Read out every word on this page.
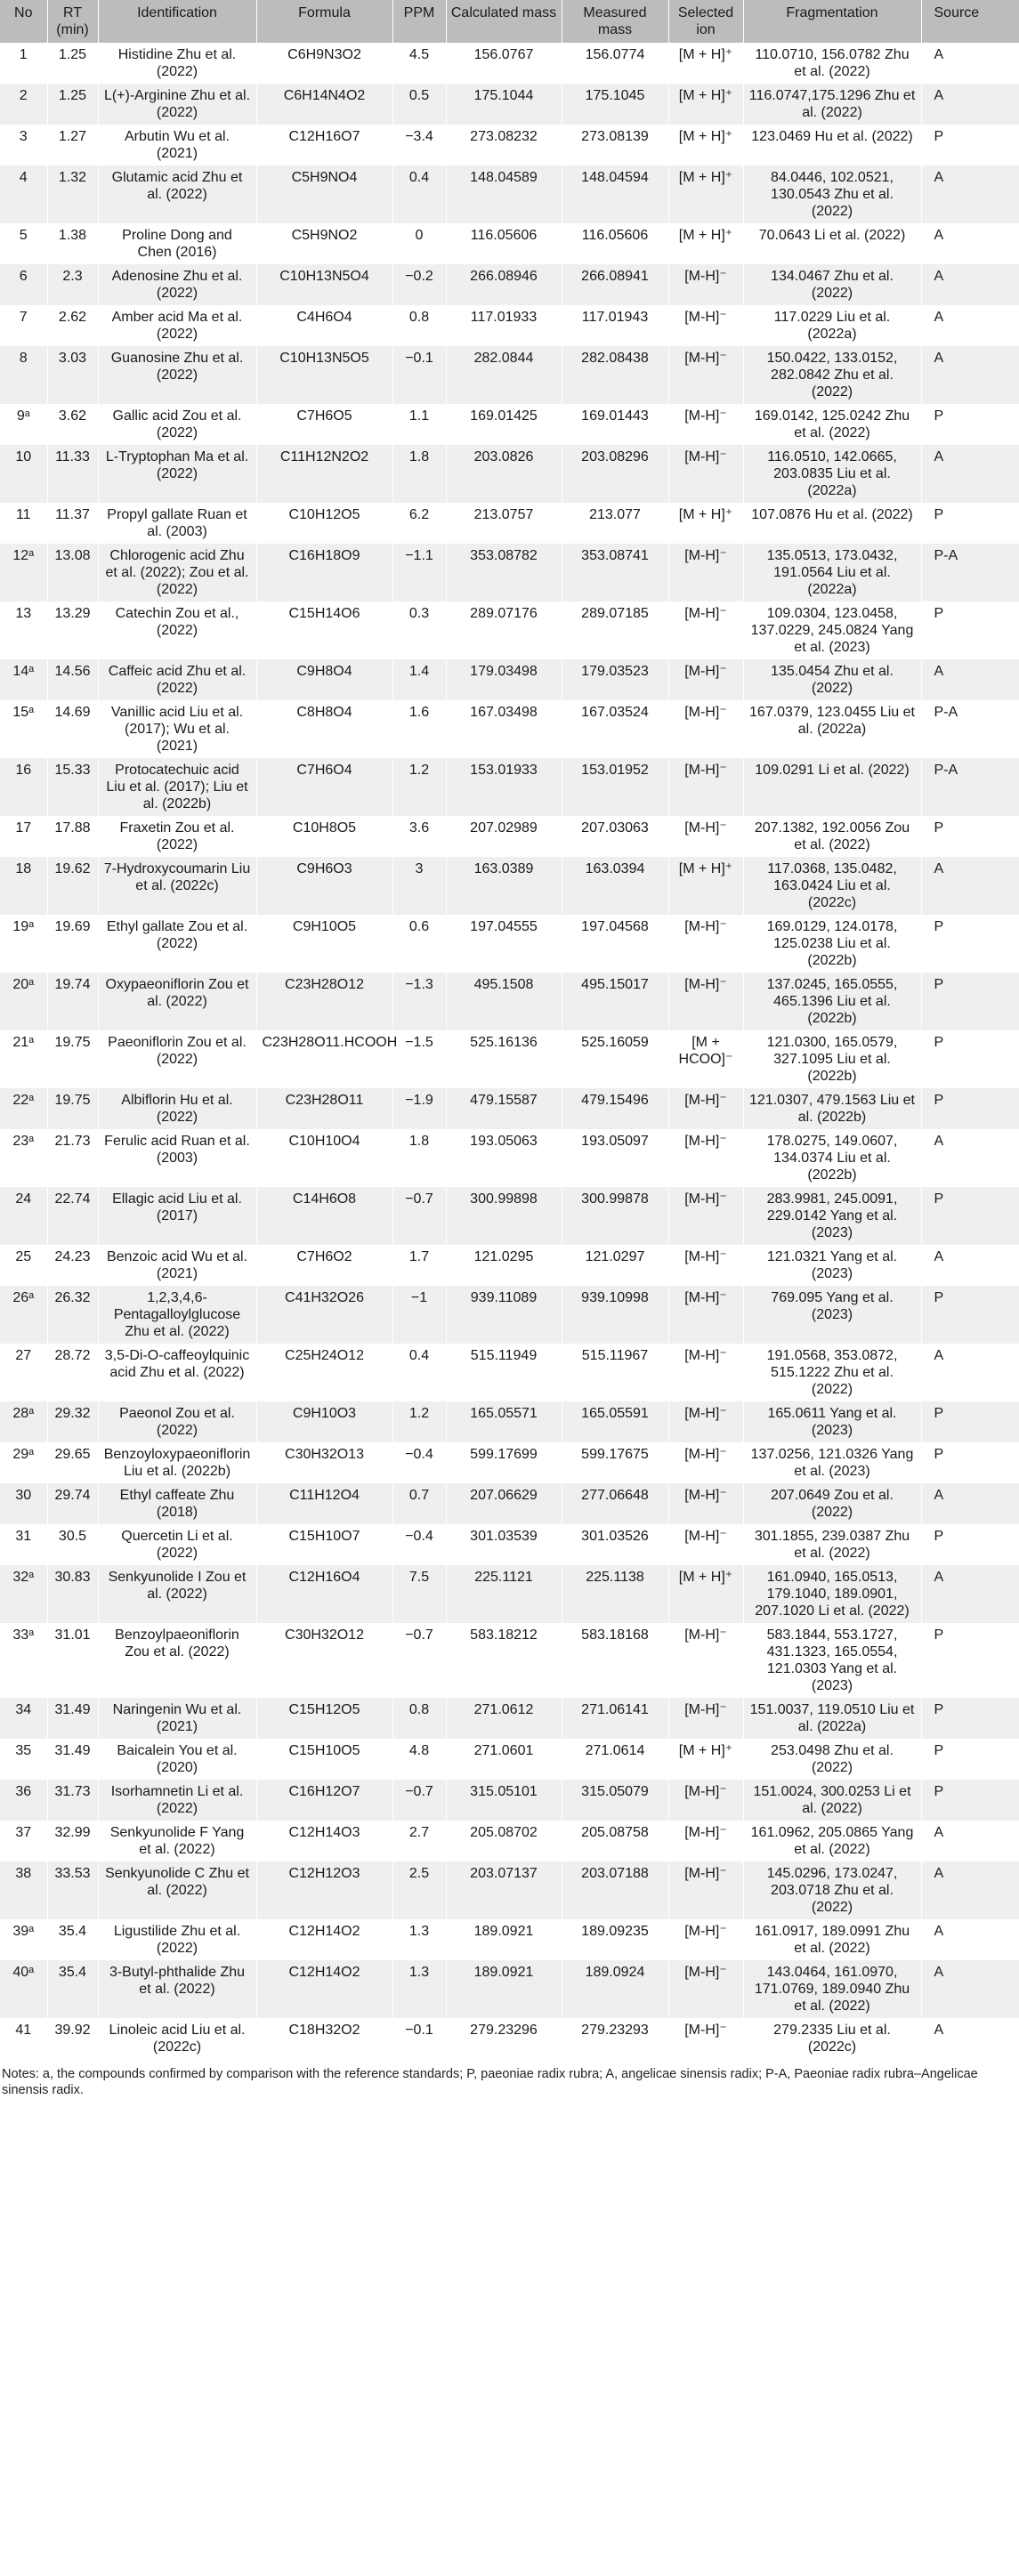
No	RT (min)	Identification	Formula	PPM	Calculated mass	Measured mass	Selected ion	Fragmentation	Source
1	1.25	Histidine Zhu et al. (2022)	C6H9N3O2	4.5	156.0767	156.0774	[M + H]⁺	110.0710, 156.0782 Zhu et al. (2022)	A
2	1.25	L(+)-Arginine Zhu et al. (2022)	C6H14N4O2	0.5	175.1044	175.1045	[M + H]⁺	116.0747,175.1296 Zhu et al. (2022)	A
3	1.27	Arbutin Wu et al. (2021)	C12H16O7	−3.4	273.08232	273.08139	[M + H]⁺	123.0469 Hu et al. (2022)	P
4	1.32	Glutamic acid Zhu et al. (2022)	C5H9NO4	0.4	148.04589	148.04594	[M + H]⁺	84.0446, 102.0521, 130.0543 Zhu et al. (2022)	A
5	1.38	Proline Dong and Chen (2016)	C5H9NO2	0	116.05606	116.05606	[M + H]⁺	70.0643 Li et al. (2022)	A
6	2.3	Adenosine Zhu et al. (2022)	C10H13N5O4	−0.2	266.08946	266.08941	[M-H]⁻	134.0467 Zhu et al. (2022)	A
7	2.62	Amber acid Ma et al. (2022)	C4H6O4	0.8	117.01933	117.01943	[M-H]⁻	117.0229 Liu et al. (2022a)	A
8	3.03	Guanosine Zhu et al. (2022)	C10H13N5O5	−0.1	282.0844	282.08438	[M-H]⁻	150.0422, 133.0152, 282.0842 Zhu et al. (2022)	A
9ᵃ	3.62	Gallic acid Zou et al. (2022)	C7H6O5	1.1	169.01425	169.01443	[M-H]⁻	169.0142, 125.0242 Zhu et al. (2022)	P
10	11.33	L-Tryptophan Ma et al. (2022)	C11H12N2O2	1.8	203.0826	203.08296	[M-H]⁻	116.0510, 142.0665, 203.0835 Liu et al. (2022a)	A
11	11.37	Propyl gallate Ruan et al. (2003)	C10H12O5	6.2	213.0757	213.077	[M + H]⁺	107.0876 Hu et al. (2022)	P
12ᵃ	13.08	Chlorogenic acid Zhu et al. (2022); Zou et al. (2022)	C16H18O9	−1.1	353.08782	353.08741	[M-H]⁻	135.0513, 173.0432, 191.0564 Liu et al. (2022a)	P-A
13	13.29	Catechin Zou et al., (2022)	C15H14O6	0.3	289.07176	289.07185	[M-H]⁻	109.0304, 123.0458, 137.0229, 245.0824 Yang et al. (2023)	P
14ᵃ	14.56	Caffeic acid Zhu et al. (2022)	C9H8O4	1.4	179.03498	179.03523	[M-H]⁻	135.0454 Zhu et al. (2022)	A
15ᵃ	14.69	Vanillic acid Liu et al. (2017); Wu et al. (2021)	C8H8O4	1.6	167.03498	167.03524	[M-H]⁻	167.0379, 123.0455 Liu et al. (2022a)	P-A
16	15.33	Protocatechuic acid Liu et al. (2017); Liu et al. (2022b)	C7H6O4	1.2	153.01933	153.01952	[M-H]⁻	109.0291 Li et al. (2022)	P-A
17	17.88	Fraxetin Zou et al. (2022)	C10H8O5	3.6	207.02989	207.03063	[M-H]⁻	207.1382, 192.0056 Zou et al. (2022)	P
18	19.62	7-Hydroxycoumarin Liu et al. (2022c)	C9H6O3	3	163.0389	163.0394	[M + H]⁺	117.0368, 135.0482, 163.0424 Liu et al. (2022c)	A
19ᵃ	19.69	Ethyl gallate Zou et al. (2022)	C9H10O5	0.6	197.04555	197.04568	[M-H]⁻	169.0129, 124.0178, 125.0238 Liu et al. (2022b)	P
20ᵃ	19.74	Oxypaeoniflorin Zou et al. (2022)	C23H28O12	−1.3	495.1508	495.15017	[M-H]⁻	137.0245, 165.0555, 465.1396 Liu et al. (2022b)	P
21ᵃ	19.75	Paeoniflorin Zou et al. (2022)	C23H28O11.HCOOH	−1.5	525.16136	525.16059	[M + HCOO]⁻	121.0300, 165.0579, 327.1095 Liu et al. (2022b)	P
22ᵃ	19.75	Albiflorin Hu et al. (2022)	C23H28O11	−1.9	479.15587	479.15496	[M-H]⁻	121.0307, 479.1563 Liu et al. (2022b)	P
23ᵃ	21.73	Ferulic acid Ruan et al. (2003)	C10H10O4	1.8	193.05063	193.05097	[M-H]⁻	178.0275, 149.0607, 134.0374 Liu et al. (2022b)	A
24	22.74	Ellagic acid Liu et al. (2017)	C14H6O8	−0.7	300.99898	300.99878	[M-H]⁻	283.9981, 245.0091, 229.0142 Yang et al. (2023)	P
25	24.23	Benzoic acid Wu et al. (2021)	C7H6O2	1.7	121.0295	121.0297	[M-H]⁻	121.0321 Yang et al. (2023)	A
26ᵃ	26.32	1,2,3,4,6-Pentagalloylglucose Zhu et al. (2022)	C41H32O26	−1	939.11089	939.10998	[M-H]⁻	769.095 Yang et al. (2023)	P
27	28.72	3,5-Di-O-caffeoylquinic acid Zhu et al. (2022)	C25H24O12	0.4	515.11949	515.11967	[M-H]⁻	191.0568, 353.0872, 515.1222 Zhu et al. (2022)	A
28ᵃ	29.32	Paeonol Zou et al. (2022)	C9H10O3	1.2	165.05571	165.05591	[M-H]⁻	165.0611 Yang et al. (2023)	P
29ᵃ	29.65	Benzoyloxypaeoniflorin Liu et al. (2022b)	C30H32O13	−0.4	599.17699	599.17675	[M-H]⁻	137.0256, 121.0326 Yang et al. (2023)	P
30	29.74	Ethyl caffeate Zhu (2018)	C11H12O4	0.7	207.06629	277.06648	[M-H]⁻	207.0649 Zou et al. (2022)	A
31	30.5	Quercetin Li et al. (2022)	C15H10O7	−0.4	301.03539	301.03526	[M-H]⁻	301.1855, 239.0387 Zhu et al. (2022)	P
32ᵃ	30.83	Senkyunolide I Zou et al. (2022)	C12H16O4	7.5	225.1121	225.1138	[M + H]⁺	161.0940, 165.0513, 179.1040, 189.0901, 207.1020 Li et al. (2022)	A
33ᵃ	31.01	Benzoylpaeoniflorin Zou et al. (2022)	C30H32O12	−0.7	583.18212	583.18168	[M-H]⁻	583.1844, 553.1727, 431.1323, 165.0554, 121.0303 Yang et al. (2023)	P
34	31.49	Naringenin Wu et al. (2021)	C15H12O5	0.8	271.0612	271.06141	[M-H]⁻	151.0037, 119.0510 Liu et al. (2022a)	P
35	31.49	Baicalein You et al. (2020)	C15H10O5	4.8	271.0601	271.0614	[M + H]⁺	253.0498 Zhu et al. (2022)	P
36	31.73	Isorhamnetin Li et al. (2022)	C16H12O7	−0.7	315.05101	315.05079	[M-H]⁻	151.0024, 300.0253 Li et al. (2022)	P
37	32.99	Senkyunolide F Yang et al. (2022)	C12H14O3	2.7	205.08702	205.08758	[M-H]⁻	161.0962, 205.0865 Yang et al. (2022)	A
38	33.53	Senkyunolide C Zhu et al. (2022)	C12H12O3	2.5	203.07137	203.07188	[M-H]⁻	145.0296, 173.0247, 203.0718 Zhu et al. (2022)	A
39ᵃ	35.4	Ligustilide Zhu et al. (2022)	C12H14O2	1.3	189.0921	189.09235	[M-H]⁻	161.0917, 189.0991 Zhu et al. (2022)	A
40ᵃ	35.4	3-Butyl-phthalide Zhu et al. (2022)	C12H14O2	1.3	189.0921	189.0924	[M-H]⁻	143.0464, 161.0970, 171.0769, 189.0940 Zhu et al. (2022)	A
41	39.92	Linoleic acid Liu et al. (2022c)	C18H32O2	−0.1	279.23296	279.23293	[M-H]⁻	279.2335 Liu et al. (2022c)	A
Notes: a, the compounds confirmed by comparison with the reference standards; P, paeoniae radix rubra; A, angelicae sinensis radix; P-A, Paeoniae radix rubra–Angelicae sinensis radix.
